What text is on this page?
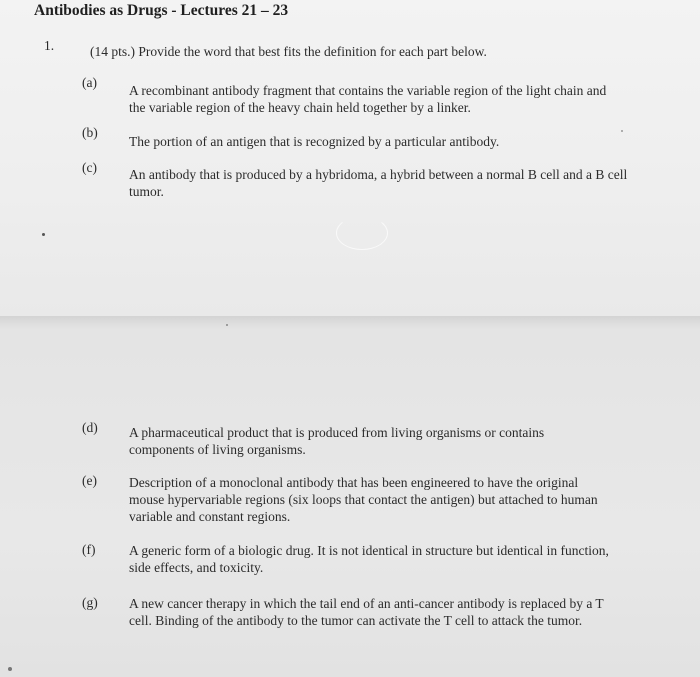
Antibodies as Drugs - Lectures 21 – 23
1.	(14 pts.) Provide the word that best fits the definition for each part below.
(a)
A recombinant antibody fragment that contains the variable region of the light chain and the variable region of the heavy chain held together by a linker.
(b)
The portion of an antigen that is recognized by a particular antibody.
(c) An antibody that is produced by a hybridoma, a hybrid between a normal B cell and a B cell tumor.
(d) A pharmaceutical product that is produced from living organisms or contains components of living organisms.
(e) Description of a monoclonal antibody that has been engineered to have the original mouse hypervariable regions (six loops that contact the antigen) but attached to human variable and constant regions.
(f) A generic form of a biologic drug. It is not identical in structure but identical in function, side effects, and toxicity.
(g) A new cancer therapy in which the tail end of an anti-cancer antibody is replaced by a T cell. Binding of the antibody to the tumor can activate the T cell to attack the tumor.
